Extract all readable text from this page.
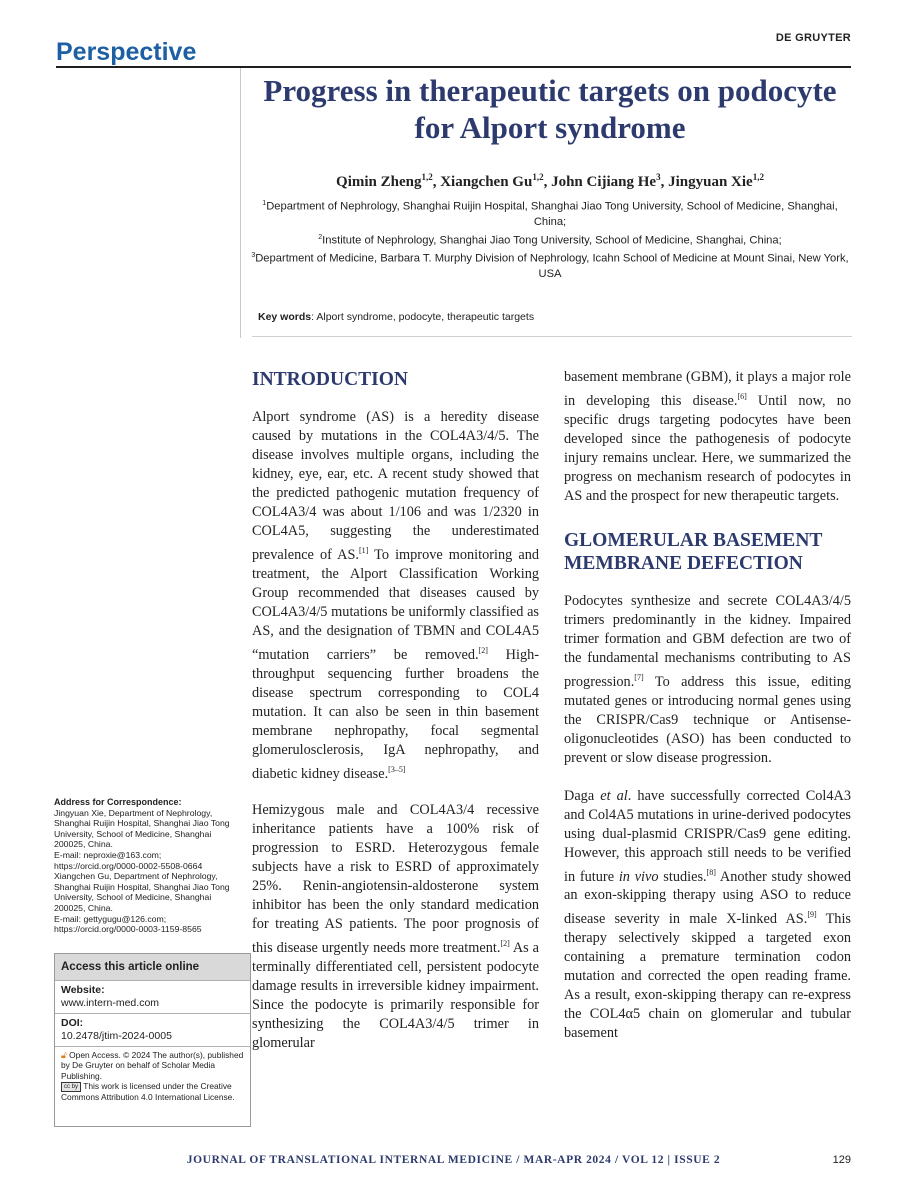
Perspective	DE GRUYTER
Progress in therapeutic targets on podocyte for Alport syndrome
Qimin Zheng$^{1,2}$, Xiangchen Gu$^{1,2}$, John Cijiang He$^3$, Jingyuan Xie$^{1,2}$
$^1$Department of Nephrology, Shanghai Ruijin Hospital, Shanghai Jiao Tong University, School of Medicine, Shanghai, China;
$^2$Institute of Nephrology, Shanghai Jiao Tong University, School of Medicine, Shanghai, China;
$^3$Department of Medicine, Barbara T. Murphy Division of Nephrology, Icahn School of Medicine at Mount Sinai, New York, USA
Key words: Alport syndrome, podocyte, therapeutic targets
INTRODUCTION

Alport syndrome (AS) is a heredity disease caused by mutations in the COL4A3/4/5. The disease involves multiple organs, including the kidney, eye, ear, etc. A recent study showed that the predicted pathogenic mutation frequency of COL4A3/4 was about 1/106 and was 1/2320 in COL4A5, suggesting the underestimated prevalence of AS.[1] To improve monitoring and treatment, the Alport Classification Working Group recommended that diseases caused by COL4A3/4/5 mutations be uniformly classified as AS, and the designation of TBMN and COL4A5 “mutation carriers” be removed.[2] High-throughput sequencing further broadens the disease spectrum corresponding to COL4 mutation. It can also be seen in thin basement membrane nephropathy, focal segmental glomerulosclerosis, IgA nephropathy, and diabetic kidney disease.[3–5]

Hemizygous male and COL4A3/4 recessive inheritance patients have a 100% risk of progression to ESRD. Heterozygous female subjects have a risk to ESRD of approximately 25%. Renin-angiotensin-aldosterone system inhibitor has been the only standard medication for treating AS patients. The poor prognosis of this disease urgently needs more treatment.[2] As a terminally differentiated cell, persistent podocyte damage results in irreversible kidney impairment. Since the podocyte is primarily responsible for synthesizing the COL4A3/4/5 trimer in glomerular

basement membrane (GBM), it plays a major role in developing this disease.[6] Until now, no specific drugs targeting podocytes have been developed since the pathogenesis of podocyte injury remains unclear. Here, we summarized the progress on mechanism research of podocytes in AS and the prospect for new therapeutic targets.

GLOMERULAR BASEMENT MEMBRANE DEFECTION

Podocytes synthesize and secrete COL4A3/4/5 trimers predominantly in the kidney. Impaired trimer formation and GBM defection are two of the fundamental mechanisms contributing to AS progression.[7] To address this issue, editing mutated genes or introducing normal genes using the CRISPR/Cas9 technique or Antisense-oligonucleotides (ASO) has been conducted to prevent or slow disease progression.

Daga et al. have successfully corrected Col4A3 and Col4A5 mutations in urine-derived podocytes using dual-plasmid CRISPR/Cas9 gene editing. However, this approach still needs to be verified in future in vivo studies.[8] Another study showed an exon-skipping therapy using ASO to reduce disease severity in male X-linked AS.[9] This therapy selectively skipped a targeted exon containing a premature termination codon mutation and corrected the open reading frame. As a result, exon-skipping therapy can re-express the COL4α5 chain on glomerular and tubular basement

Address for Correspondence:
Jingyuan Xie, Department of Nephrology, Shanghai Ruijin Hospital, Shanghai Jiao Tong University, School of Medicine, Shanghai 200025, China.
E-mail: neproxie@163.com;
https://orcid.org/0000-0002-5508-0664
Xiangchen Gu, Department of Nephrology, Shanghai Ruijin Hospital, Shanghai Jiao Tong University, School of Medicine, Shanghai 200025, China.
E-mail: gettygugu@126.com;
https://orcid.org/0000-0003-1159-8565
Access this article online
Website:
www.intern-med.com
DOI:
10.2478/jtim-2024-0005
🔓︎ Open Access. © 2024 The author(s), published by De Gruyter on behalf of Scholar Media Publishing.
cc by This work is licensed under the Creative Commons Attribution 4.0 International License.
JOURNAL OF TRANSLATIONAL INTERNAL MEDICINE / MAR-APR 2024 / VOL 12 | ISSUE 2	129
